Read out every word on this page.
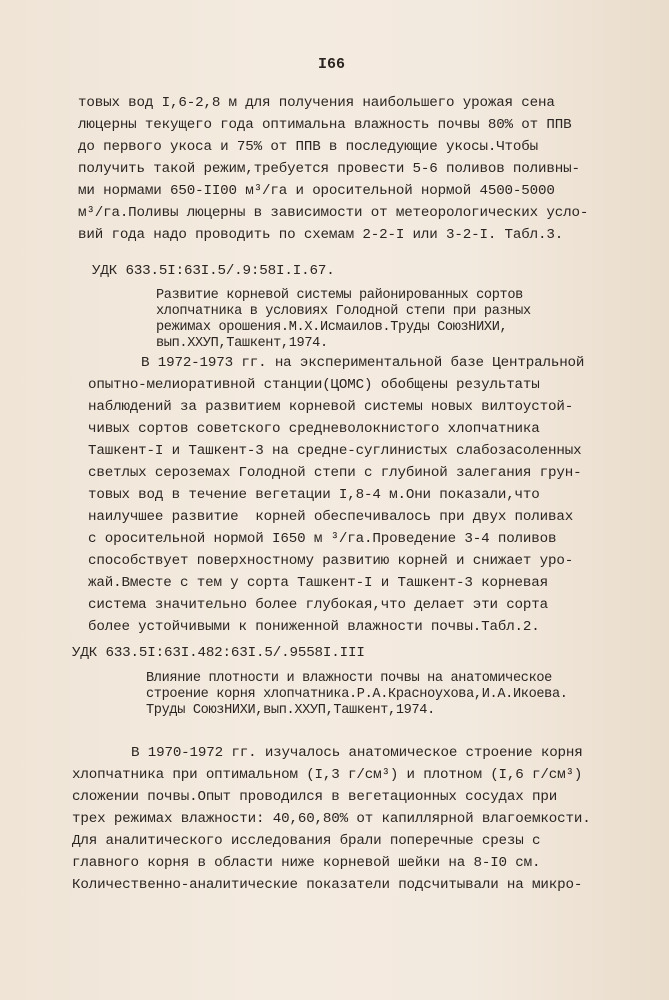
I66
товых вод I,6-2,8 м для получения наибольшего урожая сена
люцерны текущего года оптимальна влажность почвы 80% от ППВ
до первого укоса и 75% от ППВ в последующие укосы.Чтобы
получить такой режим,требуется провести 5-6 поливов поливны-
ми нормами 650-II00 м³/га и оросительной нормой 4500-5000
м³/га.Поливы люцерны в зависимости от метеорологических усло-
вий года надо проводить по схемам 2-2-I или 3-2-I. Табл.3.
УДК 633.5I:63I.5/.9:58I.I.67.
Развитие корневой системы районированных сортов
хлопчатника в условиях Голодной степи при разных
режимах орошения.М.Х.Исмаилов.Труды СоюзНИХИ,
вып.ХХУП,Ташкент,1974.
В 1972-1973 гг. на экспериментальной базе Центральной
опытно-мелиоративной станции(ЦОМС) обобщены результаты
наблюдений за развитием корневой системы новых вилтоустой-
чивых сортов советского средневолокнистого хлопчатника
Ташкент-I и Ташкент-3 на средне-суглинистых слабозасоленных
светлых сероземах Голодной степи с глубиной залегания грун-
товых вод в течение вегетации I,8-4 м.Они показали,что
наилучшее развитие  корней обеспечивалось при двух поливах
с оросительной нормой I650 м ³/га.Проведение 3-4 поливов
способствует поверхностному развитию корней и снижает уро-
жай.Вместе с тем у сорта Ташкент-I и Ташкент-3 корневая
система значительно более глубокая,что делает эти сорта
более устойчивыми к пониженной влажности почвы.Табл.2.
УДК 633.5I:63I.482:63I.5/.9558I.III
Влияние плотности и влажности почвы на анатомическое
строение корня хлопчатника.Р.А.Красноухова,И.А.Икоева.
Труды СоюзНИХИ,вып.ХХУП,Ташкент,1974.
В 1970-1972 гг. изучалось анатомическое строение корня
хлопчатника при оптимальном (I,3 г/см³) и плотном (I,6 г/см³)
сложении почвы.Опыт проводился в вегетационных сосудах при
трех режимах влажности: 40,60,80% от капиллярной влагоемкости.
Для аналитического исследования брали поперечные срезы с
главного корня в области ниже корневой шейки на 8-I0 см.
Количественно-аналитические показатели подсчитывали на микро-
